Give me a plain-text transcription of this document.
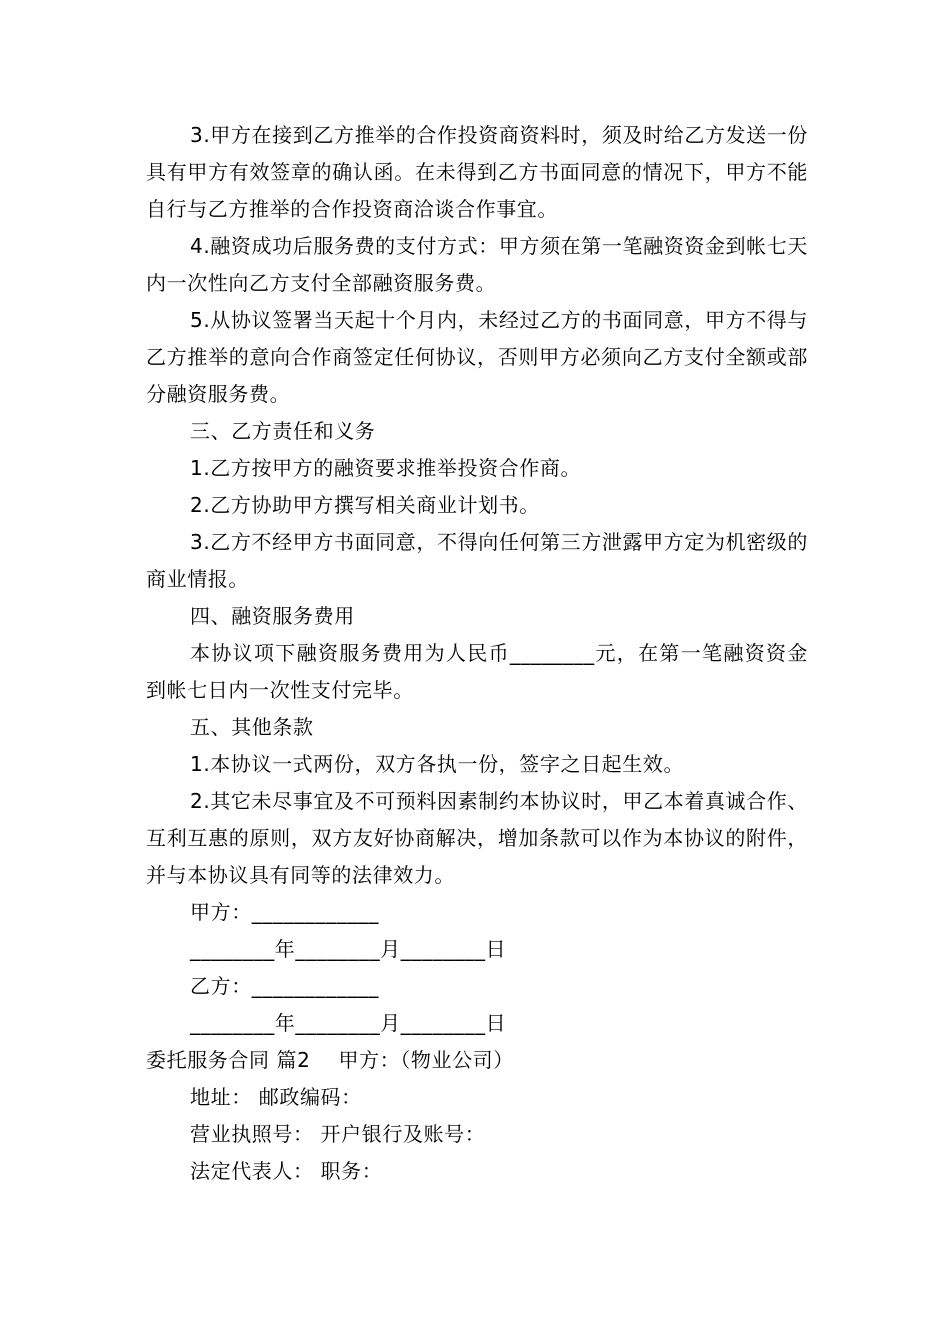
3.甲方在接到乙方推举的合作投资商资料时，须及时给乙方发送一份具有甲方有效签章的确认函。在未得到乙方书面同意的情况下，甲方不能自行与乙方推举的合作投资商洽谈合作事宜。

4.融资成功后服务费的支付方式：甲方须在第一笔融资资金到帐七天内一次性向乙方支付全部融资服务费。

5.从协议签署当天起十个月内，未经过乙方的书面同意，甲方不得与乙方推举的意向合作商签定任何协议，否则甲方必须向乙方支付全额或部分融资服务费。

三、乙方责任和义务

1.乙方按甲方的融资要求推举投资合作商。

2.乙方协助甲方撰写相关商业计划书。

3.乙方不经甲方书面同意，不得向任何第三方泄露甲方定为机密级的商业情报。

四、融资服务费用

本协议项下融资服务费用为人民币________元，在第一笔融资资金到帐七日内一次性支付完毕。

五、其他条款

1.本协议一式两份，双方各执一份，签字之日起生效。

2.其它未尽事宜及不可预料因素制约本协议时，甲乙本着真诚合作、互利互惠的原则，双方友好协商解决，增加条款可以作为本协议的附件，并与本协议具有同等的法律效力。

甲方：____________

________年________月________日

乙方：____________

________年________月________日

委托服务合同 篇2 甲方：（物业公司）

地址： 邮政编码：

营业执照号： 开户银行及账号：

法定代表人： 职务：
